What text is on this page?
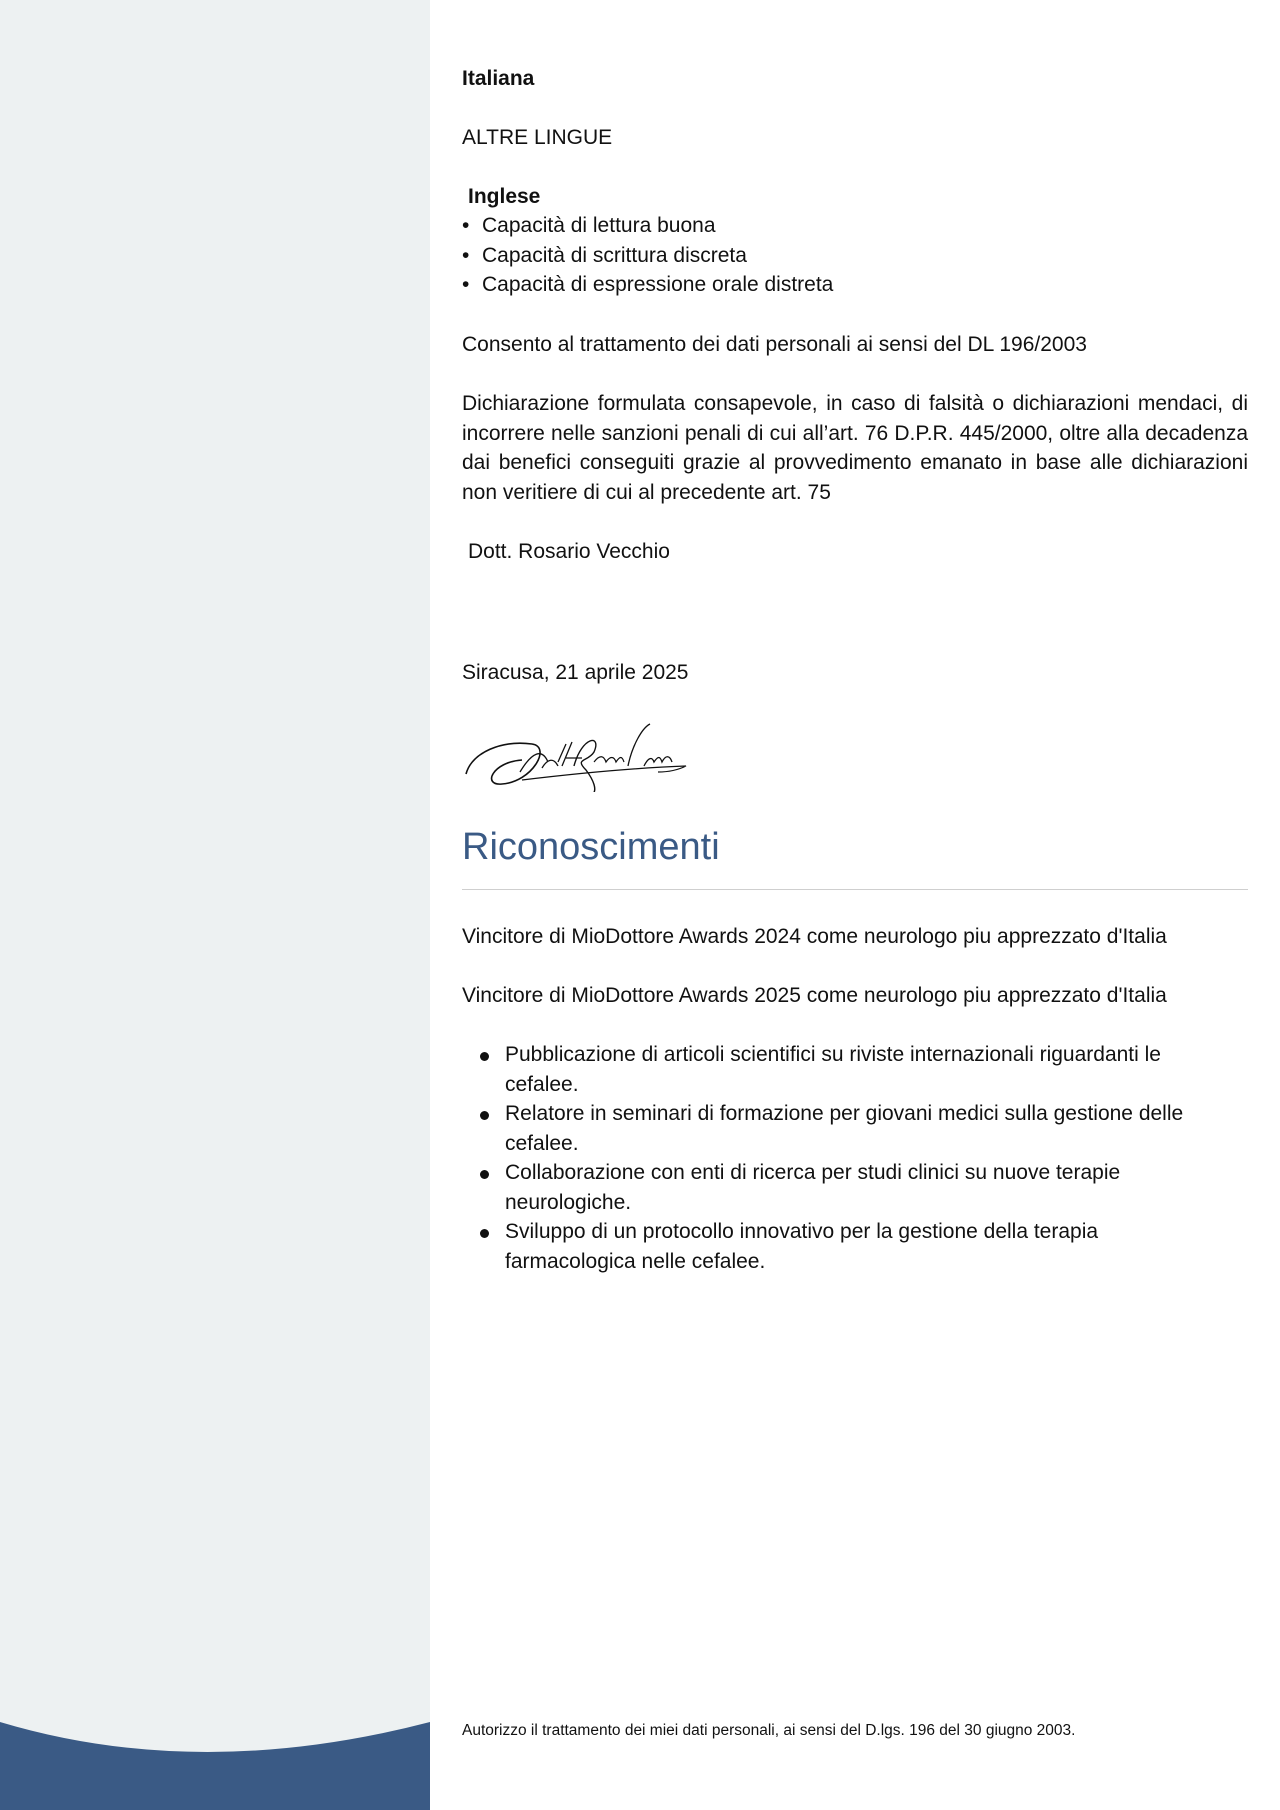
Italiana

ALTRE LINGUE

Inglese

• Capacità di lettura buona
• Capacità di scrittura discreta
• Capacità di espressione orale distreta

Consento al trattamento dei dati personali ai sensi del DL 196/2003

Dichiarazione formulata consapevole, in caso di falsità o dichiarazioni mendaci, di incorrere nelle sanzioni penali di cui all’art. 76 D.P.R. 445/2000, oltre alla decadenza dai benefici conseguiti grazie al provvedimento emanato in base alle dichiarazioni non veritiere di cui al precedente art. 75

Dott. Rosario Vecchio

Siracusa, 21 aprile 2025

Riconoscimenti

Vincitore di MioDottore Awards 2024 come neurologo piu apprezzato d'Italia

Vincitore di MioDottore Awards 2025 come neurologo piu apprezzato d'Italia

Pubblicazione di articoli scientifici su riviste internazionali riguardanti le cefalee.
Relatore in seminari di formazione per giovani medici sulla gestione delle cefalee.
Collaborazione con enti di ricerca per studi clinici su nuove terapie neurologiche.
Sviluppo di un protocollo innovativo per la gestione della terapia farmacologica nelle cefalee.

Autorizzo il trattamento dei miei dati personali, ai sensi del D.lgs. 196 del 30 giugno 2003.
